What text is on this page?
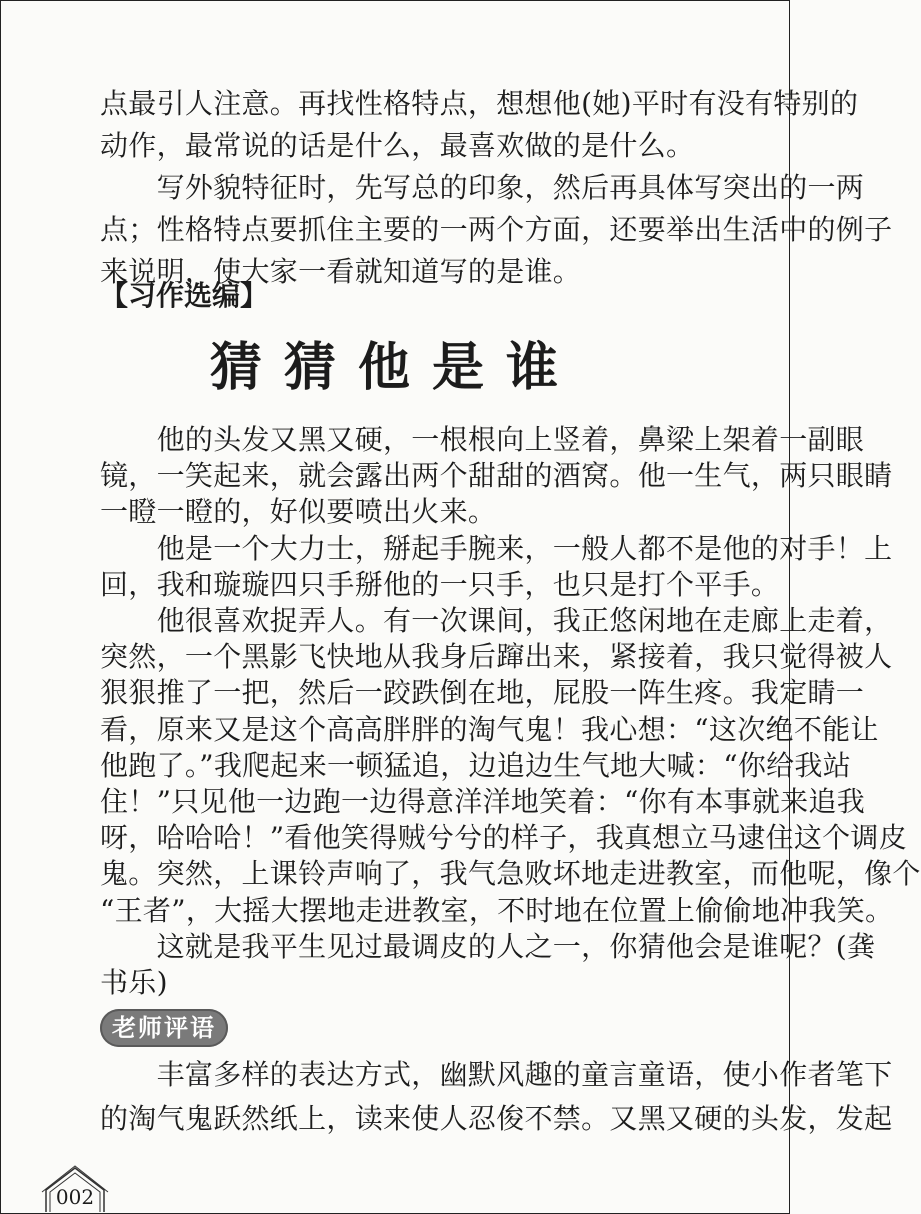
点最引人注意。再找性格特点，想想他(她)平时有没有特别的
动作，最常说的话是什么，最喜欢做的是什么。
　　写外貌特征时，先写总的印象，然后再具体写突出的一两
点；性格特点要抓住主要的一两个方面，还要举出生活中的例子
来说明，使大家一看就知道写的是谁。
【习作选编】
猜猜他是谁
　　他的头发又黑又硬，一根根向上竖着，鼻梁上架着一副眼
镜，一笑起来，就会露出两个甜甜的酒窝。他一生气，两只眼睛
一瞪一瞪的，好似要喷出火来。
　　他是一个大力士，掰起手腕来，一般人都不是他的对手！上
回，我和璇璇四只手掰他的一只手，也只是打个平手。
　　他很喜欢捉弄人。有一次课间，我正悠闲地在走廊上走着，
突然，一个黑影飞快地从我身后蹿出来，紧接着，我只觉得被人
狠狠推了一把，然后一跤跌倒在地，屁股一阵生疼。我定睛一
看，原来又是这个高高胖胖的淘气鬼！我心想：“这次绝不能让
他跑了。”我爬起来一顿猛追，边追边生气地大喊：“你给我站
住！”只见他一边跑一边得意洋洋地笑着：“你有本事就来追我
呀，哈哈哈！”看他笑得贼兮兮的样子，我真想立马逮住这个调皮
鬼。突然，上课铃声响了，我气急败坏地走进教室，而他呢，像个
“王者”，大摇大摆地走进教室，不时地在位置上偷偷地冲我笑。
　　这就是我平生见过最调皮的人之一，你猜他会是谁呢？(龚
老师评语
　　丰富多样的表达方式，幽默风趣的童言童语，使小作者笔下
的淘气鬼跃然纸上，读来使人忍俊不禁。又黑又硬的头发，发起
002
书乐)
